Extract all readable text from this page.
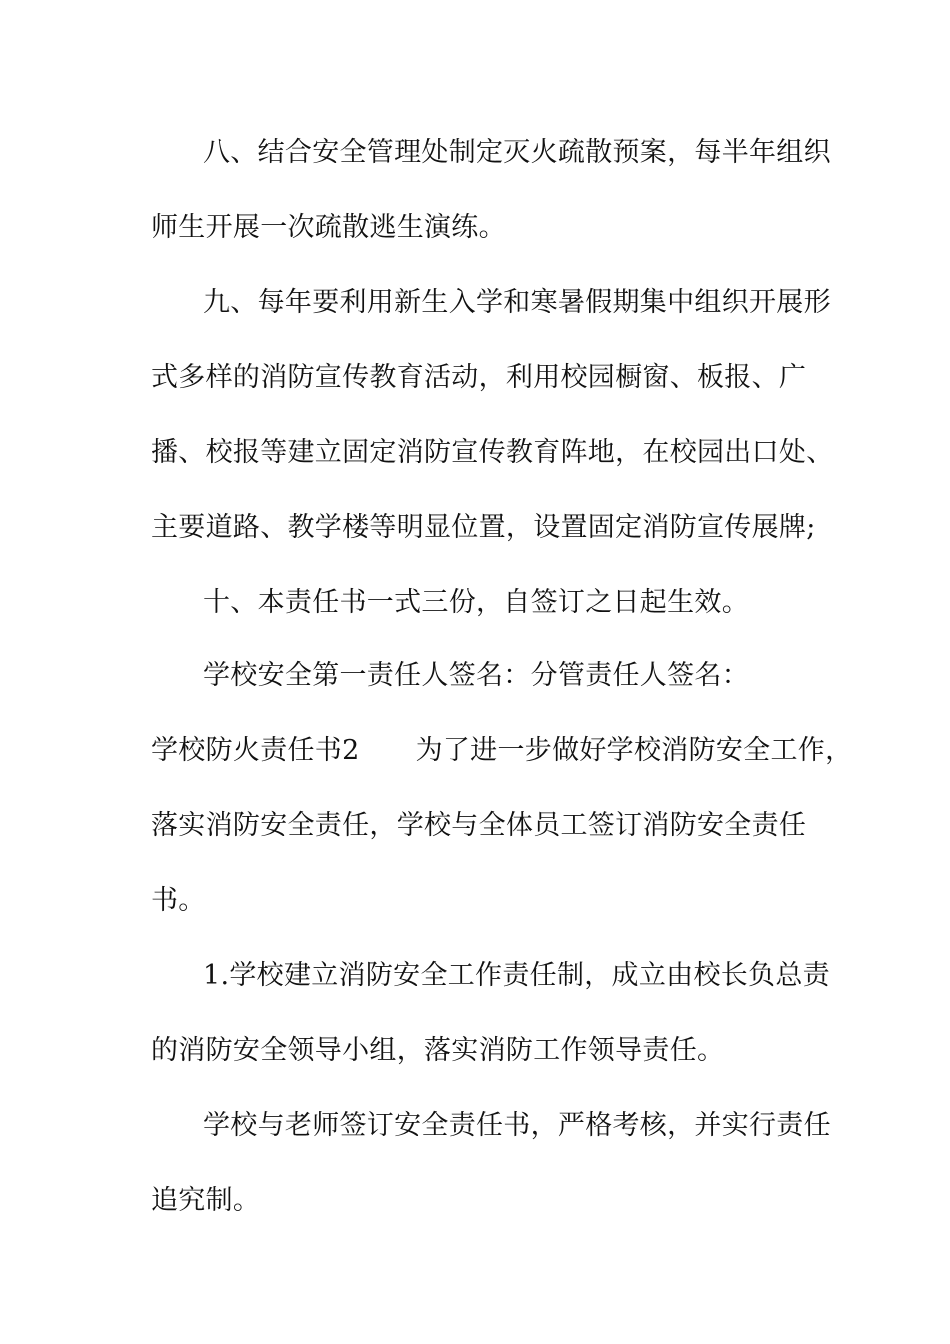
八、结合安全管理处制定灭火疏散预案，每半年组织
师生开展一次疏散逃生演练。
九、每年要利用新生入学和寒暑假期集中组织开展形
式多样的消防宣传教育活动，利用校园橱窗、板报、广
播、校报等建立固定消防宣传教育阵地，在校园出口处、
主要道路、教学楼等明显位置，设置固定消防宣传展牌;
十、本责任书一式三份，自签订之日起生效。
学校安全第一责任人签名：分管责任人签名：
学校防火责任书2 为了进一步做好学校消防安全工作，
落实消防安全责任，学校与全体员工签订消防安全责任
书。
1.学校建立消防安全工作责任制，成立由校长负总责
的消防安全领导小组，落实消防工作领导责任。
学校与老师签订安全责任书，严格考核，并实行责任
追究制。
